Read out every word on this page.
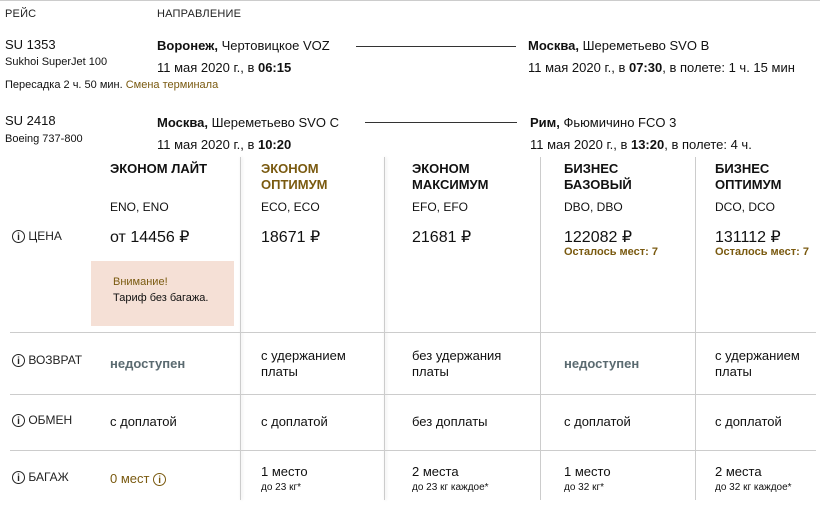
РЕЙС	НАПРАВЛЕНИЕ
SU 1353
Sukhoi SuperJet 100
Пересадка 2 ч. 50 мин. Смена терминала
Воронеж, Чертовицкое VOZ
11 мая 2020 г., в 06:15
Москва, Шереметьево SVO B
11 мая 2020 г., в 07:30, в полете: 1 ч. 15 мин
SU 2418
Boeing 737-800
Москва, Шереметьево SVO C
11 мая 2020 г., в 10:20
Рим, Фьюмичино FCO 3
11 мая 2020 г., в 13:20, в полете: 4 ч.
i ЦЕНА
i ВОЗВРАТ
i ОБМЕН
i БАГАЖ
ЭКОНОМ ЛАЙТ
ENO, ENO
от 14456 ₽
Внимание!
Тариф без багажа.
недоступен
с доплатой
0 мест i
ЭКОНОМ ОПТИМУМ
ECO, ECO
18671 ₽
с удержанием платы
с доплатой
1 место
до 23 кг*
ЭКОНОМ МАКСИМУМ
EFO, EFO
21681 ₽
без удержания платы
без доплаты
2 места
до 23 кг каждое*
БИЗНЕС БАЗОВЫЙ
DBO, DBO
122082 ₽
Осталось мест: 7
недоступен
с доплатой
1 место
до 32 кг*
БИЗНЕС ОПТИМУМ
DCO, DCO
131112 ₽
Осталось мест: 7
с удержанием платы
с доплатой
2 места
до 32 кг каждое*
